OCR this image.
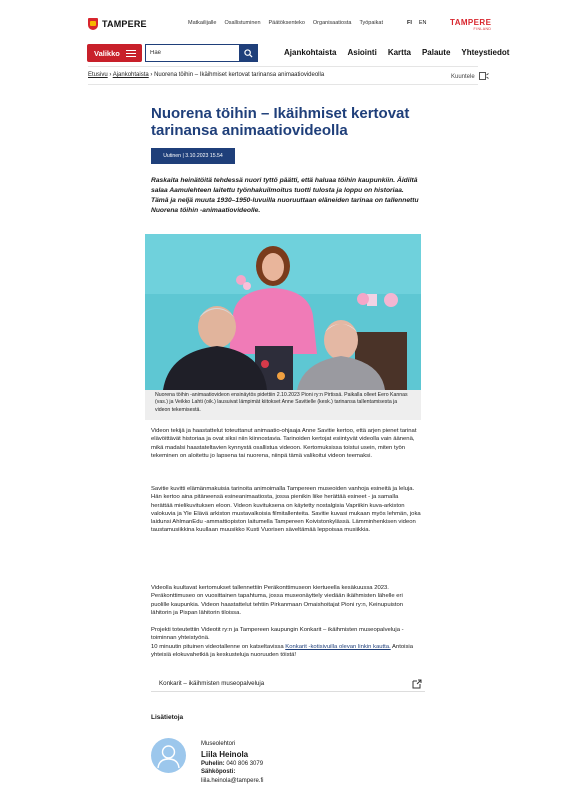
TAMPERE	Matkailijalle Osallistuminen Päätöksenteko Organisaatiosta Työpaikat	FI EN	TAMPERE
FINLAND
Valikko
Hae	Ajankohtaista Asiointi Kartta Palaute Yhteystiedot
Etusivu › Ajankohtaista › Nuorena töihin – Ikäihmiset kertovat tarinansa animaatiovideolla	Kuuntele
Nuorena töihin – Ikäihmiset kertovat tarinansa animaatiovideolla
Uutinen | 3.10.2023 15.54

Raskaita heinätöitä tehdessä nuori tyttö päätti, että haluaa töihin kaupunkiin. Äidiltä salaa Aamulehteen laitettu työnhakuilmoitus tuotti tulosta ja loppu on historiaa. Tämä ja neljä muuta 1930–1950-luvuilla nuoruuttaan eläneiden tarinaa on tallennettu Nuorena töihin -animaatiovideolle.

Nuorena töihin -animaatiovideon ensinäytös pidettiin 2.10.2023 Pioni ry:n Pirtissä. Paikalla olleet Eero Kannas (vas.) ja Veikko Lahti (oik.) lausuivat lämpimät kiitokset Anne Savitielle (kesk.) tarinansa tallentamisesta ja videon tekemisestä.

Videon tekijä ja haastattelut toteuttanut animaatio-ohjaaja Anne Savitie kertoo, että arjen pienet tarinat elävöittävät historiaa ja ovat siksi niin kiinnostavia. Tarinoiden kertojat esiintyvät videolla vain äänenä, mikä madalsi haastateltavien kynnystä osallistua videoon. Kertomuksissa toistui usein, miten työn tekeminen on aloitettu jo lapsena tai nuorena, niinpä tämä valikoitui videon teemaksi.

Savitie kuvitti elämänmakuisia tarinoita animoimalla Tampereen museoiden vanhoja esineitä ja leluja. Hän kertoo aina pitäneensä esineanimaatiosta, jossa pienikin liike herättää esineet - ja samalla herättää mielikuvituksen eloon. Videon kuvituksena on käytetty nostalgisia Vapriikin kuva-arkiston valokuvia ja Yle Elävä arkiston mustavalkoisia filmitallenteita. Savitie kuvasi mukaan myös lehmän, joka laidunsi AhlmanEdu -ammattiopiston laitumella Tampereen Koivistonkylässä. Lämminhenkisen videon taustamusiikkina kuullaan muusikko Kusti Vuorisen säveltämää leppoisaa musiikkia.

Videolla kuultavat kertomukset tallennettiin Peräkonttimuseon kiertueella kesäkuussa 2023. Peräkonttimuseo on vuosittainen tapahtuma, jossa museonäyttely viedään ikäihmisten lähelle eri puolille kaupunkia. Videon haastattelut tehtiin Pirkanmaan Omaishoitajat Pioni ry:n, Keinupuiston lähitorin ja Pispan lähitorin tiloissa.

Projekti toteutettiin Videotit ry:n ja Tampereen kaupungin Konkarit – ikäihmisten museopalveluja -toiminnan yhteistyönä.
10 minuutin pituinen videotallenne on katseltavissa Konkarit -kotisivuilla olevan linkin kautta. Antoisia yhteisiä elokuvahetkiä ja keskusteluja nuoruuden töistä!

Konkarit – ikäihmisten museopalveluja
Lisätietoja
Museolehtori
Liila Heinola
Puhelin: 040 806 3079
Sähköposti:
liila.heinola@tampere.fi
